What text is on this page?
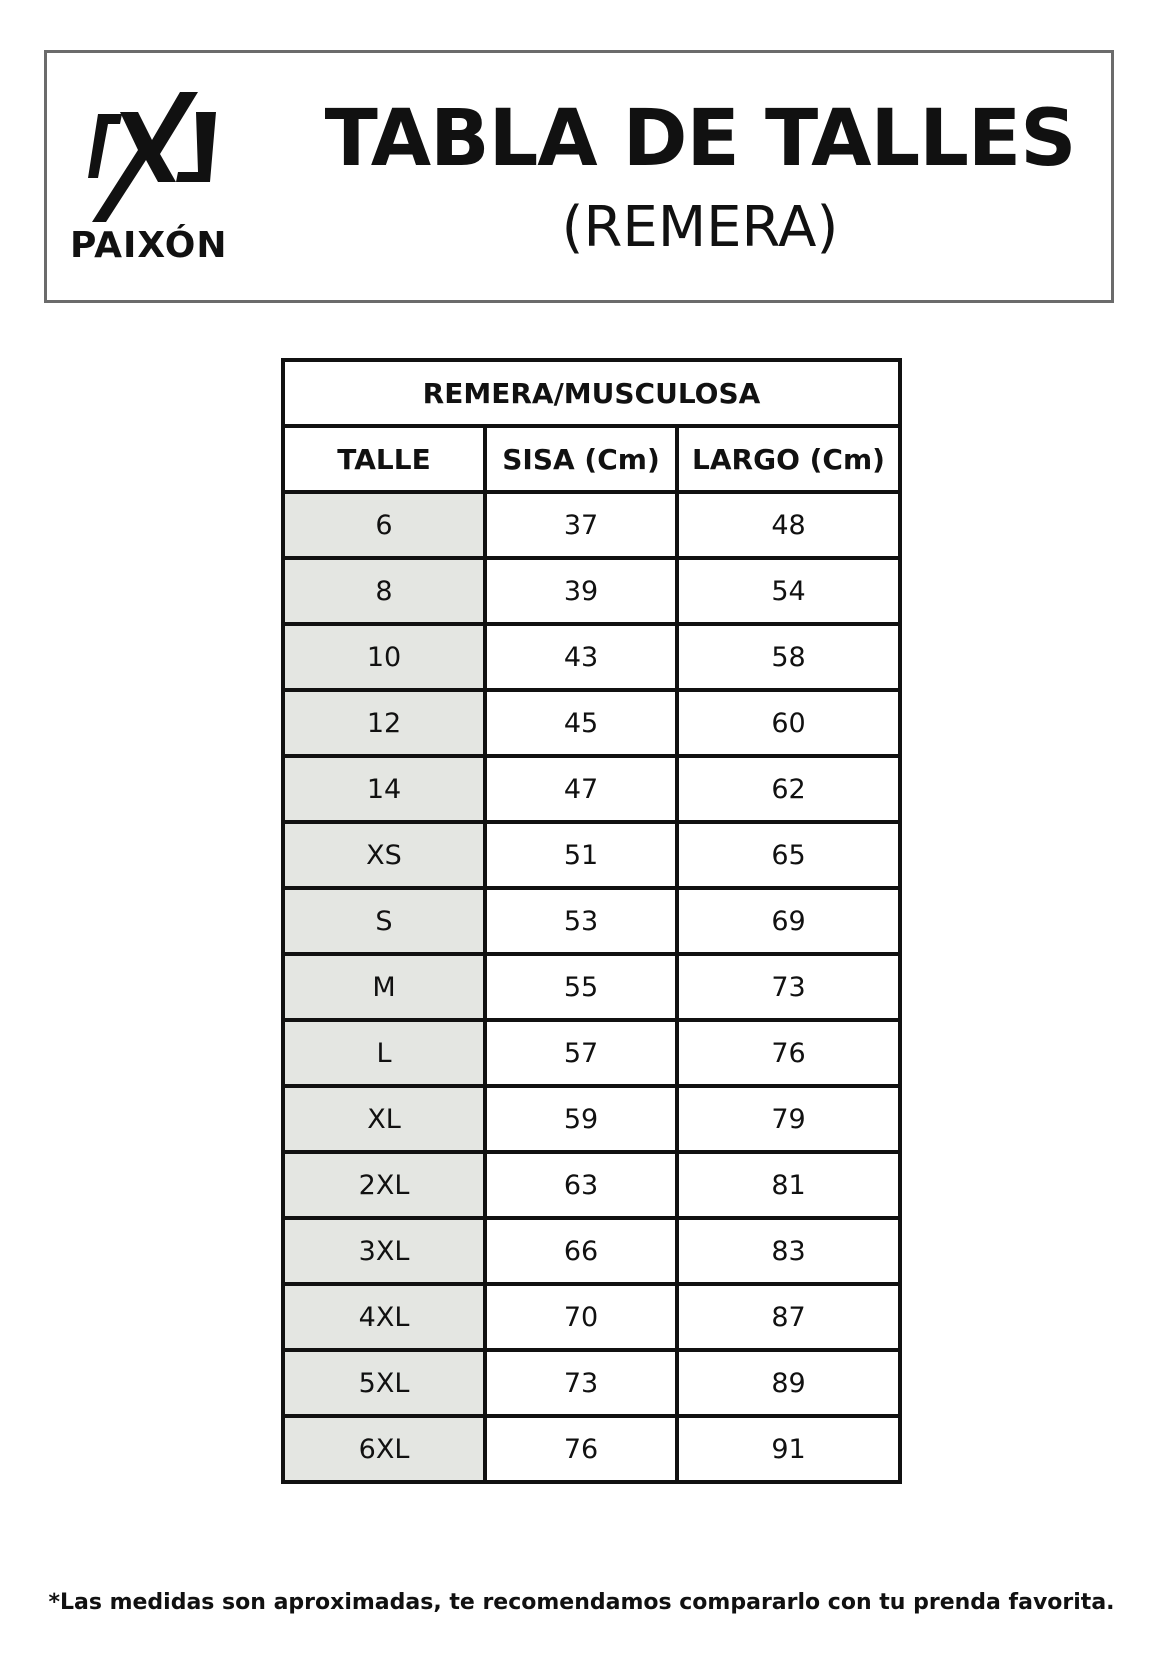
PAIXÓN
TABLA DE TALLES
(REMERA)
REMERA/MUSCULOSA		
TALLE	SISA (Cm)	LARGO (Cm)
6	37	48
8	39	54
10	43	58
12	45	60
14	47	62
XS	51	65
S	53	69
M	55	73
L	57	76
XL	59	79
2XL	63	81
3XL	66	83
4XL	70	87
5XL	73	89
6XL	76	91
*Las medidas son aproximadas, te recomendamos compararlo con tu prenda favorita.
